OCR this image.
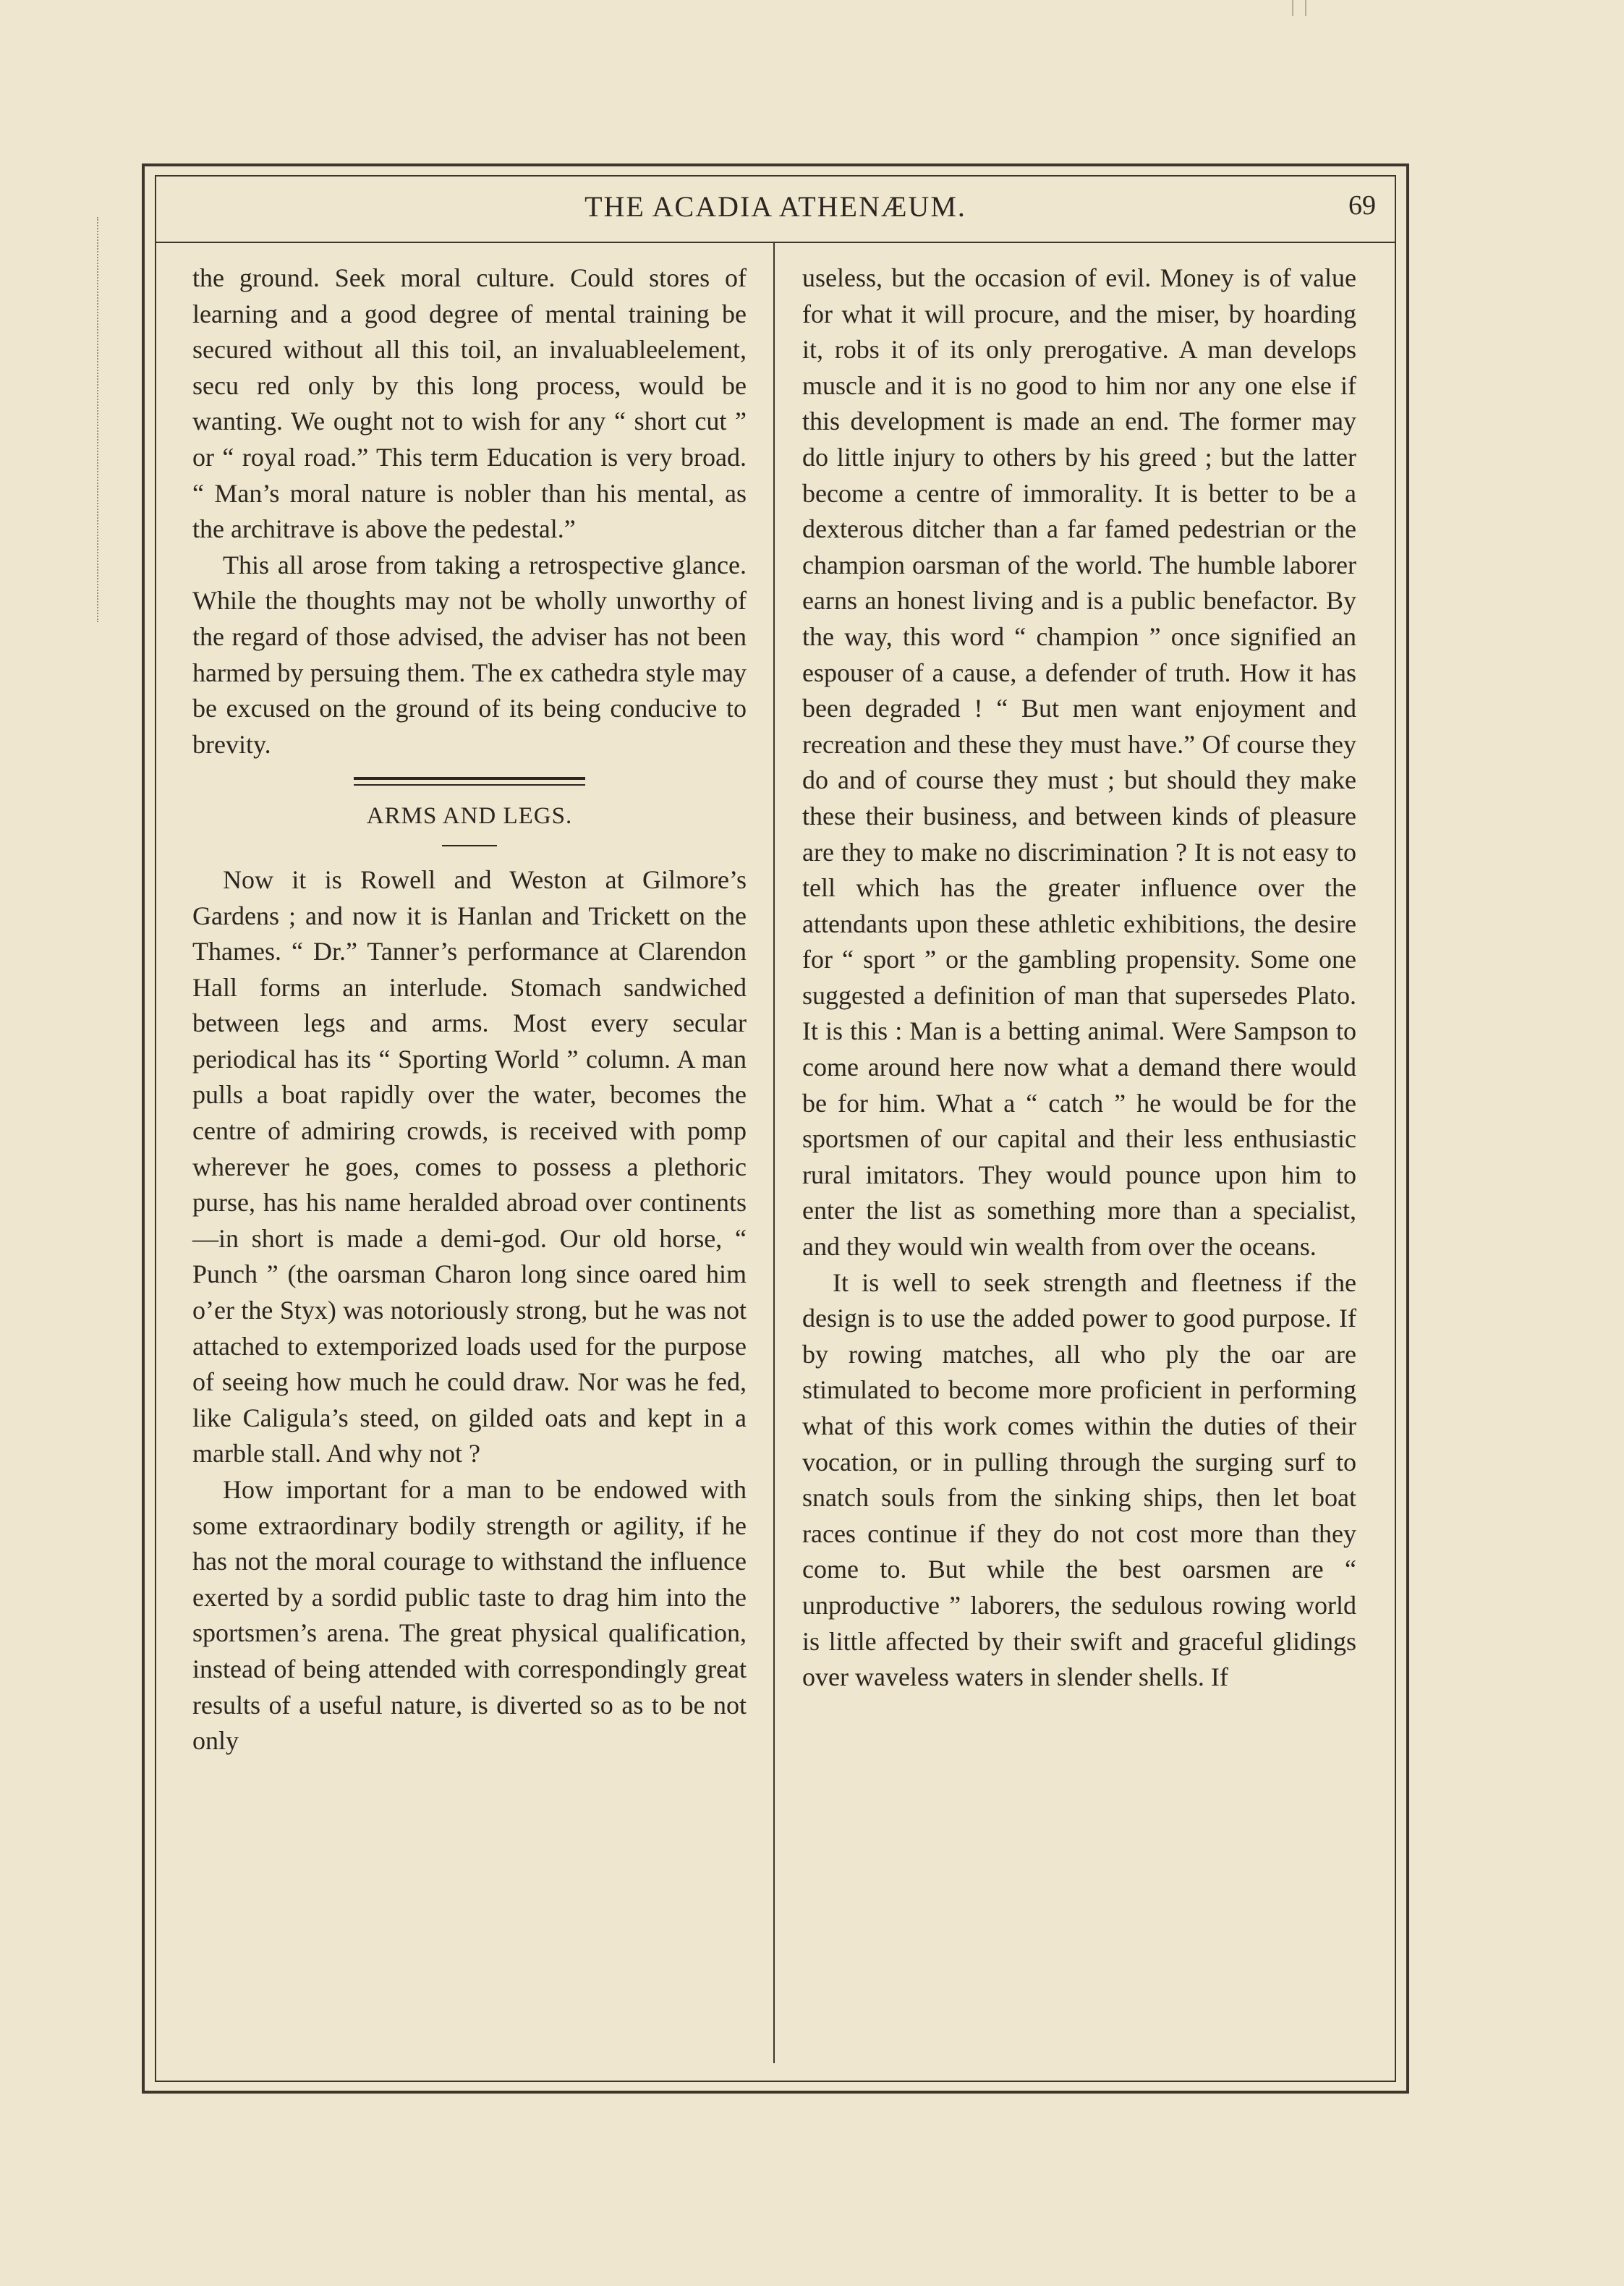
THE ACADIA ATHENÆUM.	69

the ground. Seek moral culture. Could stores of learning and a good degree of mental training be secured without all this toil, an invaluableelement, secu red only by this long process, would be wanting. We ought not to wish for any “ short cut ” or “ royal road.” This term Education is very broad. “ Man’s moral nature is nobler than his mental, as the architrave is above the pedestal.”

This all arose from taking a retrospective glance. While the thoughts may not be wholly unworthy of the regard of those advised, the adviser has not been harmed by persuing them. The ex cathedra style may be excused on the ground of its being conducive to brevity.

ARMS AND LEGS.

Now it is Rowell and Weston at Gilmore’s Gardens ; and now it is Hanlan and Trickett on the Thames. “ Dr.” Tanner’s performance at Clarendon Hall forms an interlude. Stomach sandwiched between legs and arms. Most every secular periodical has its “ Sporting World ” column. A man pulls a boat rapidly over the water, becomes the centre of admiring crowds, is received with pomp wherever he goes, comes to possess a plethoric purse, has his name heralded abroad over continents—in short is made a demi-god. Our old horse, “ Punch ” (the oarsman Charon long since oared him o’er the Styx) was notoriously strong, but he was not attached to extemporized loads used for the purpose of seeing how much he could draw. Nor was he fed, like Caligula’s steed, on gilded oats and kept in a marble stall. And why not ?

How important for a man to be endowed with some extraordinary bodily strength or agility, if he has not the moral courage to withstand the influence exerted by a sordid public taste to drag him into the sportsmen’s arena. The great physical qualification, instead of being attended with correspondingly great results of a useful nature, is diverted so as to be not only

useless, but the occasion of evil. Money is of value for what it will procure, and the miser, by hoarding it, robs it of its only prerogative. A man develops muscle and it is no good to him nor any one else if this development is made an end. The former may do little injury to others by his greed ; but the latter become a centre of immorality. It is better to be a dexterous ditcher than a far famed pedestrian or the champion oarsman of the world. The humble laborer earns an honest living and is a public benefactor. By the way, this word “ champion ” once signified an espouser of a cause, a defender of truth. How it has been degraded ! “ But men want enjoyment and recreation and these they must have.” Of course they do and of course they must ; but should they make these their business, and between kinds of pleasure are they to make no discrimination ? It is not easy to tell which has the greater influence over the attendants upon these athletic exhibitions, the desire for “ sport ” or the gambling propensity. Some one suggested a definition of man that supersedes Plato. It is this : Man is a betting animal. Were Sampson to come around here now what a demand there would be for him. What a “ catch ” he would be for the sportsmen of our capital and their less enthusiastic rural imitators. They would pounce upon him to enter the list as something more than a specialist, and they would win wealth from over the oceans.

It is well to seek strength and fleetness if the design is to use the added power to good purpose. If by rowing matches, all who ply the oar are stimulated to become more proficient in performing what of this work comes within the duties of their vocation, or in pulling through the surging surf to snatch souls from the sinking ships, then let boat races continue if they do not cost more than they come to. But while the best oarsmen are “ unproductive ” laborers, the sedulous rowing world is little affected by their swift and graceful glidings over waveless waters in slender shells. If
